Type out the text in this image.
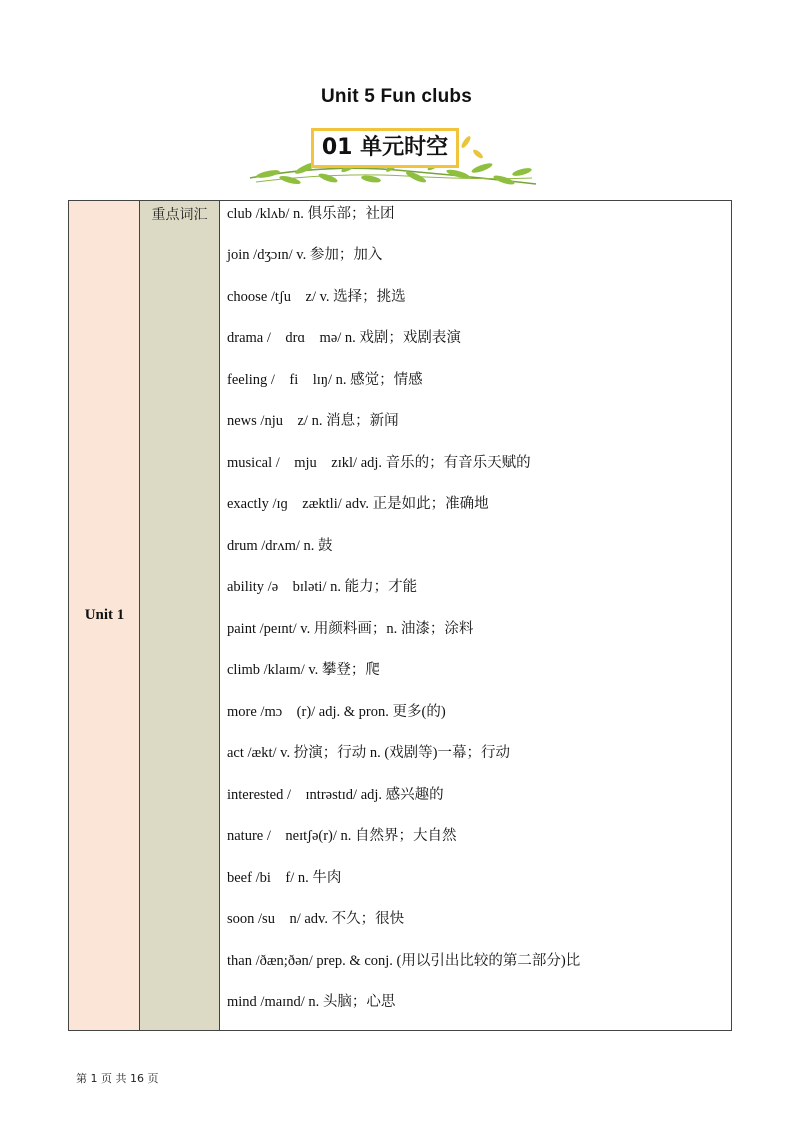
Unit 5 Fun clubs
01 单元时空
Unit 1
重点词汇	club /klʌb/ n. 俱乐部；社团
join /dʒɔɪn/ v. 参加；加入
choose /tʃu　z/ v. 选择；挑选
drama /　drɑ　mə/ n. 戏剧；戏剧表演
feeling /　fi　lɪŋ/ n. 感觉；情感
news /nju　z/ n. 消息；新闻
musical /　mju　zɪkl/ adj. 音乐的；有音乐天赋的
exactly /ɪɡ　zæktli/ adv. 正是如此；准确地
drum /drʌm/ n. 鼓
ability /ə　bɪləti/ n. 能力；才能
paint /peɪnt/ v. 用颜料画；n. 油漆；涂料
climb /klaɪm/ v. 攀登；爬
more /mɔ　(r)/ adj. & pron. 更多(的)
act /ækt/ v. 扮演；行动 n. (戏剧等)一幕；行动
interested /　ɪntrəstɪd/ adj. 感兴趣的
nature /　neɪtʃə(r)/ n. 自然界；大自然
beef /bi　f/ n. 牛肉
soon /su　n/ adv. 不久；很快
than /ðæn;ðən/ prep. & conj. (用以引出比较的第二部分)比
mind /maɪnd/ n. 头脑；心思
第 1 页 共 16 页
